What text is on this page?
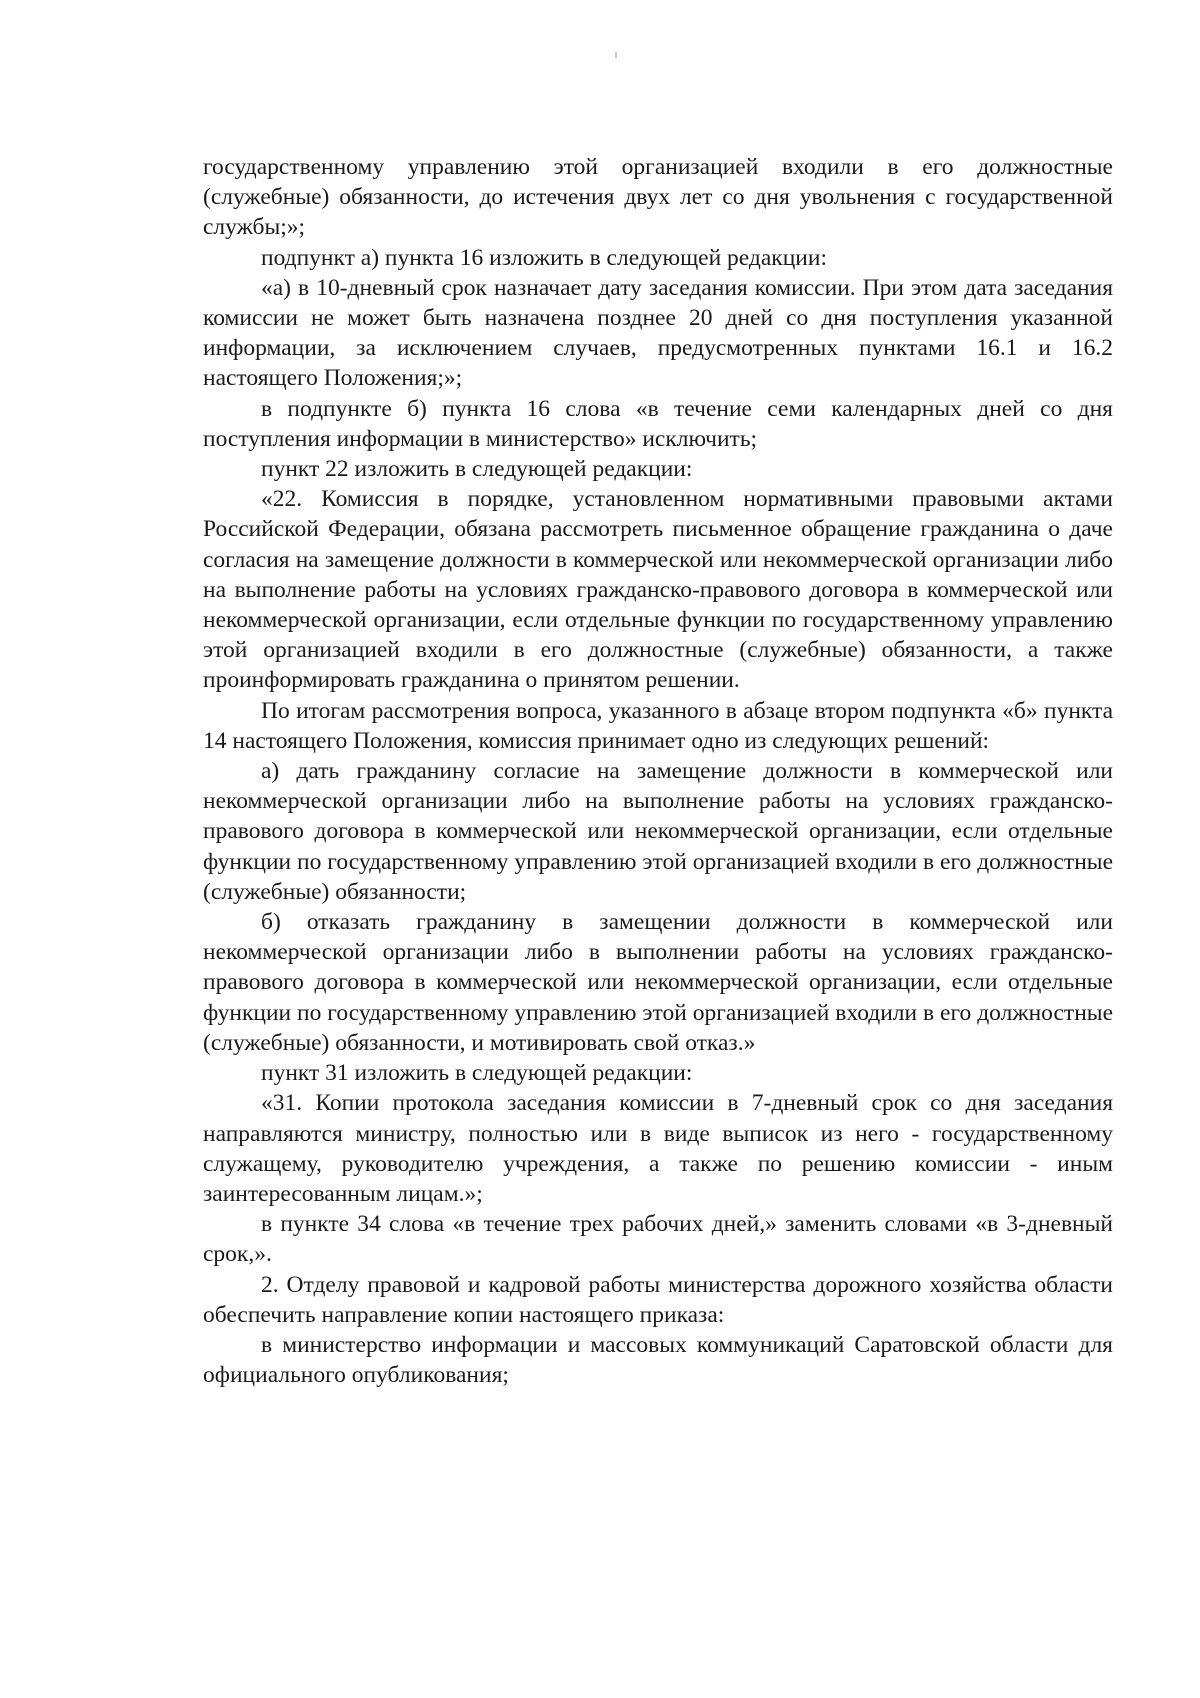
государственному управлению этой организацией входили в его должностные (служебные) обязанности, до истечения двух лет со дня увольнения с государственной службы;»;

подпункт а) пункта 16 изложить в следующей редакции:

«а) в 10-дневный срок назначает дату заседания комиссии. При этом дата заседания комиссии не может быть назначена позднее 20 дней со дня поступления указанной информации, за исключением случаев, предусмотренных пунктами 16.1 и 16.2 настоящего Положения;»;

в подпункте б) пункта 16 слова «в течение семи календарных дней со дня поступления информации в министерство» исключить;

пункт 22 изложить в следующей редакции:

«22. Комиссия в порядке, установленном нормативными правовыми актами Российской Федерации, обязана рассмотреть письменное обращение гражданина о даче согласия на замещение должности в коммерческой или некоммерческой организации либо на выполнение работы на условиях гражданско-правового договора в коммерческой или некоммерческой организации, если отдельные функции по государственному управлению этой организацией входили в его должностные (служебные) обязанности, а также проинформировать гражданина о принятом решении.

По итогам рассмотрения вопроса, указанного в абзаце втором подпункта «б» пункта 14 настоящего Положения, комиссия принимает одно из следующих решений:

а) дать гражданину согласие на замещение должности в коммерческой или некоммерческой организации либо на выполнение работы на условиях гражданско-правового договора в коммерческой или некоммерческой организации, если отдельные функции по государственному управлению этой организацией входили в его должностные (служебные) обязанности;

б) отказать гражданину в замещении должности в коммерческой или некоммерческой организации либо в выполнении работы на условиях гражданско-правового договора в коммерческой или некоммерческой организации, если отдельные функции по государственному управлению этой организацией входили в его должностные (служебные) обязанности, и мотивировать свой отказ.»

пункт 31 изложить в следующей редакции:

«31. Копии протокола заседания комиссии в 7-дневный срок со дня заседания направляются министру, полностью или в виде выписок из него - государственному служащему, руководителю учреждения, а также по решению комиссии - иным заинтересованным лицам.»;

в пункте 34 слова «в течение трех рабочих дней,» заменить словами «в 3-дневный срок,».

2. Отделу правовой и кадровой работы министерства дорожного хозяйства области обеспечить направление копии настоящего приказа:

в министерство информации и массовых коммуникаций Саратовской области для официального опубликования;
